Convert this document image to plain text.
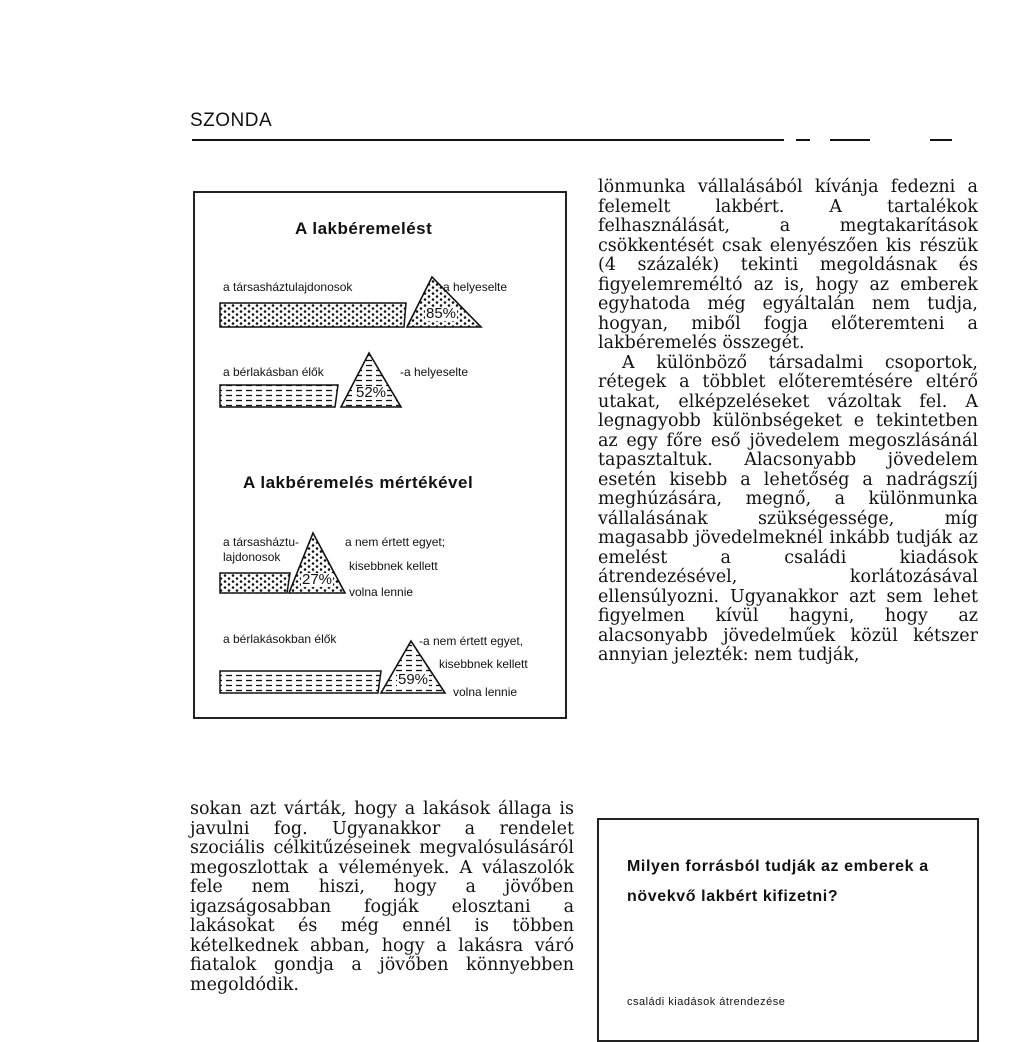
SZONDA
A lakbéremelést
A lakbéremelés mértékével
a társasháztulajdonosok	-a helyeselte
85%
a bérlakásban élők	-a helyeselte
52%
a társasháztu-
lajdonosok
a nem értett egyet;
kisebbnek kellett
volna lennie
27%
a bérlakásokban élők	-a nem értett egyet,
kisebbnek kellett
volna lennie
59%

lönmunka vállalásából kívánja fedezni a felemelt lakbért. A tartalékok felhasználását, a megtakarítások csökkentését csak elenyészően kis részük (4 százalék) tekinti megoldásnak és figyelemreméltó az is, hogy az emberek egyhatoda még egyáltalán nem tudja, hogyan, miből fogja előteremteni a lakbéremelés összegét.

A különböző társadalmi csoportok, rétegek a többlet előteremtésére eltérő utakat, elképzeléseket vázoltak fel. A legnagyobb különbségeket e tekintetben az egy főre eső jövedelem megoszlásánál tapasztaltuk. Alacsonyabb jövedelem esetén kisebb a lehetőség a nadrágszíj meghúzására, megnő, a különmunka vállalásának szükségessége, míg magasabb jövedelmeknél inkább tudják az emelést a családi kiadások átrendezésével, korlátozásával ellensúlyozni. Ugyanakkor azt sem lehet figyelmen kívül hagyni, hogy az alacsonyabb jövedelműek közül kétszer annyian jelezték: nem tudják,

sokan azt várták, hogy a lakások állaga is javulni fog. Ugyanakkor a rendelet szociális célkitűzéseinek megvalósulásáról megoszlottak a vélemények. A válaszolók fele nem hiszi, hogy a jövőben igazságosabban fogják elosztani a lakásokat és még ennél is többen kételkednek abban, hogy a lakásra váró fiatalok gondja a jövőben könnyebben megoldódik.

Milyen forrásból tudják az emberek a növekvő lakbért kifizetni?
családi kiadások átrendezése
